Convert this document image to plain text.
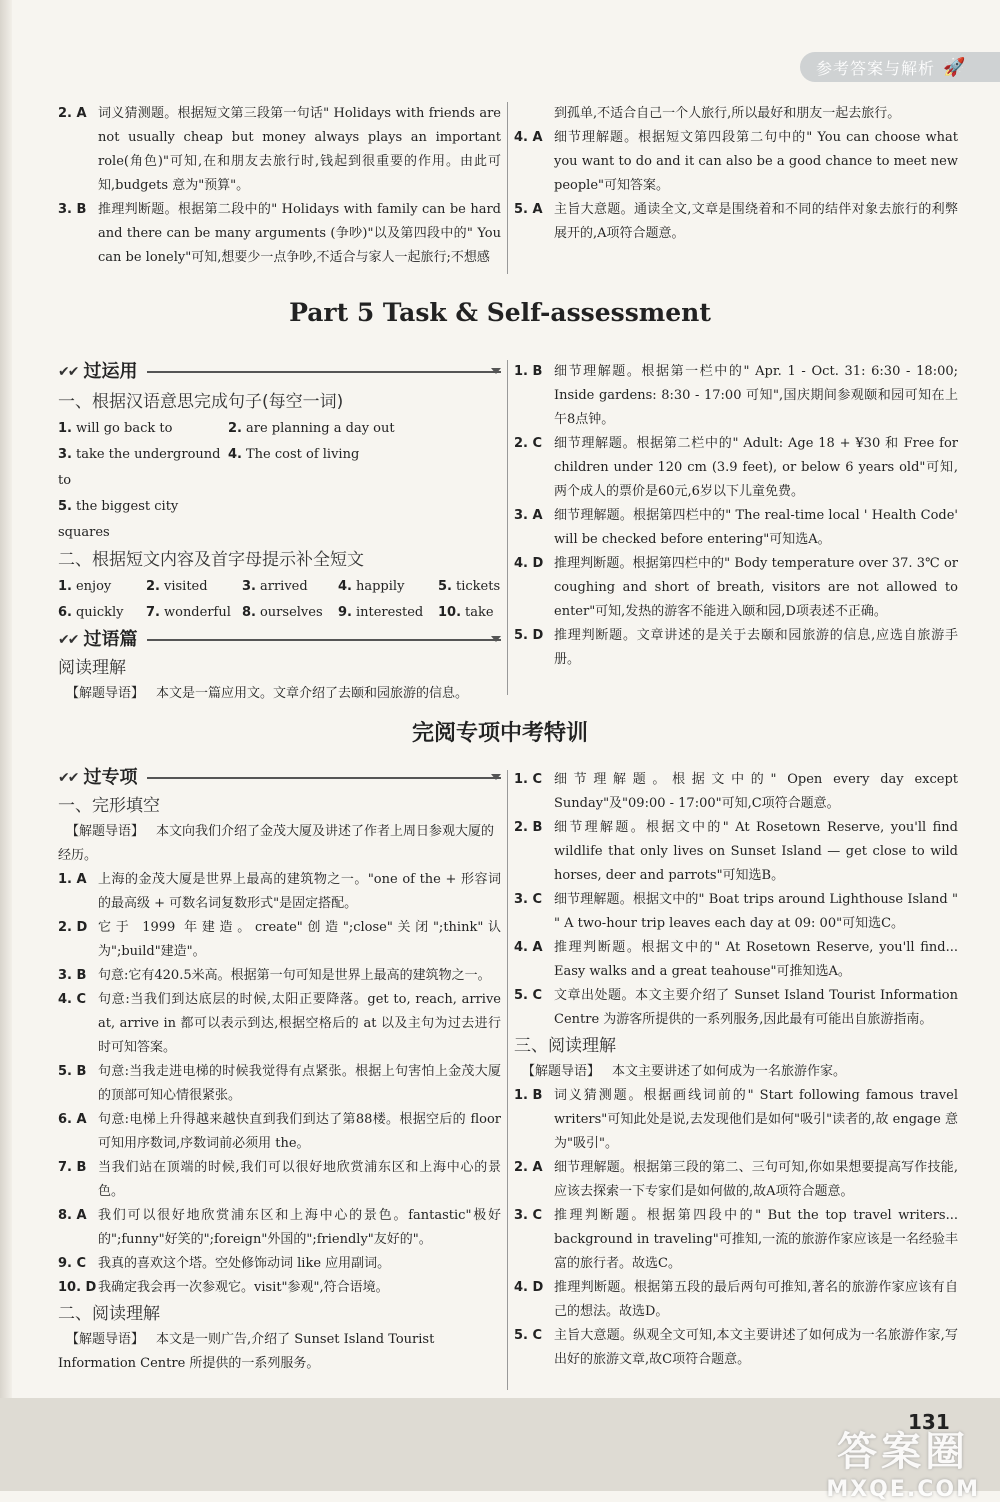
参考答案与解析 🚀
2. A 词义猜测题。根据短文第三段第一句话" Holidays with friends are not usually cheap but money always plays an important role(角色)"可知,在和朋友去旅行时,钱起到很重要的作用。由此可知,budgets 意为"预算"。
3. B 推理判断题。根据第二段中的" Holidays with family can be hard and there can be many arguments (争吵)"以及第四段中的" You can be lonely"可知,想要少一点争吵,不适合与家人一起旅行;不想感
到孤单,不适合自己一个人旅行,所以最好和朋友一起去旅行。
4. A 细节理解题。根据短文第四段第二句中的" You can choose what you want to do and it can also be a good chance to meet new people"可知答案。
5. A 主旨大意题。通读全文,文章是围绕着和不同的结伴对象去旅行的利弊展开的,A项符合题意。
Part 5 Task & Self-assessment
✔✔ 过运用
一、根据汉语意思完成句子(每空一词)
1. will go back to	2. are planning a day out
3. take the underground to
4. The cost of living
5. the biggest city squares
二、根据短文内容及首字母提示补全短文
1. enjoy	2. visited	3. arrived	4. happily	5. tickets
6. quickly	7. wonderful 8. ourselves	9. interested	10. take
✔✔ 过语篇
阅读理解
【解题导语】 本文是一篇应用文。文章介绍了去颐和园旅游的信息。
1. B 细节理解题。根据第一栏中的" Apr. 1 - Oct. 31: 6:30 - 18:00; Inside gardens: 8:30 - 17:00 可知",国庆期间参观颐和园可知在上午8点钟。
2. C 细节理解题。根据第二栏中的" Adult: Age 18 + ¥30 和 Free for children under 120 cm (3.9 feet), or below 6 years old"可知,两个成人的票价是60元,6岁以下儿童免费。
3. A 细节理解题。根据第四栏中的" The real-time local ' Health Code' will be checked before entering"可知选A。
4. D 推理判断题。根据第四栏中的" Body temperature over 37. 3℃ or coughing and short of breath, visitors are not allowed to enter"可知,发热的游客不能进入颐和园,D项表述不正确。
5. D 推理判断题。文章讲述的是关于去颐和园旅游的信息,应选自旅游手册。
完阅专项中考特训
✔✔ 过专项
一、完形填空
【解题导语】 本文向我们介绍了金茂大厦及讲述了作者上周日参观大厦的经历。
1. A 上海的金茂大厦是世界上最高的建筑物之一。"one of the + 形容词的最高级 + 可数名词复数形式"是固定搭配。
2. D 它于 1999 年建造。create"创造";close"关闭";think"认为";build"建造"。
3. B 句意:它有420.5米高。根据第一句可知是世界上最高的建筑物之一。
4. C 句意:当我们到达底层的时候,太阳正要降落。get to, reach, arrive at, arrive in 都可以表示到达,根据空格后的 at 以及主句为过去进行时可知答案。
5. B 句意:当我走进电梯的时候我觉得有点紧张。根据上句害怕上金茂大厦的顶部可知心情很紧张。
6. A 句意:电梯上升得越来越快直到我们到达了第88楼。根据空后的 floor 可知用序数词,序数词前必须用 the。
7. B 当我们站在顶端的时候,我们可以很好地欣赏浦东区和上海中心的景色。
8. A 我们可以很好地欣赏浦东区和上海中心的景色。fantastic"极好的";funny"好笑的";foreign"外国的";friendly"友好的"。
9. C 我真的喜欢这个塔。空处修饰动词 like 应用副词。
10. D 我确定我会再一次参观它。visit"参观",符合语境。
二、阅读理解
【解题导语】 本文是一则广告,介绍了 Sunset Island Tourist Information Centre 所提供的一系列服务。
1. C 细节理解题。根据文中的" Open every day except Sunday"及"09:00 - 17:00"可知,C项符合题意。
2. B 细节理解题。根据文中的" At Rosetown Reserve, you'll find wildlife that only lives on Sunset Island — get close to wild horses, deer and parrots"可知选B。
3. C 细节理解题。根据文中的" Boat trips around Lighthouse Island " " A two-hour trip leaves each day at 09: 00"可知选C。
4. A 推理判断题。根据文中的" At Rosetown Reserve, you'll find... Easy walks and a great teahouse"可推知选A。
5. C 文章出处题。本文主要介绍了 Sunset Island Tourist Information Centre 为游客所提供的一系列服务,因此最有可能出自旅游指南。
三、阅读理解
【解题导语】 本文主要讲述了如何成为一名旅游作家。
1. B 词义猜测题。根据画线词前的" Start following famous travel writers"可知此处是说,去发现他们是如何"吸引"读者的,故 engage 意为"吸引"。
2. A 细节理解题。根据第三段的第二、三句可知,你如果想要提高写作技能,应该去探索一下专家们是如何做的,故A项符合题意。
3. C 推理判断题。根据第四段中的" But the top travel writers... background in traveling"可推知,一流的旅游作家应该是一名经验丰富的旅行者。故选C。
4. D 推理判断题。根据第五段的最后两句可推知,著名的旅游作家应该有自己的想法。故选D。
5. C 主旨大意题。纵观全文可知,本文主要讲述了如何成为一名旅游作家,写出好的旅游文章,故C项符合题意。
131
答案圈
MXQE.COM
